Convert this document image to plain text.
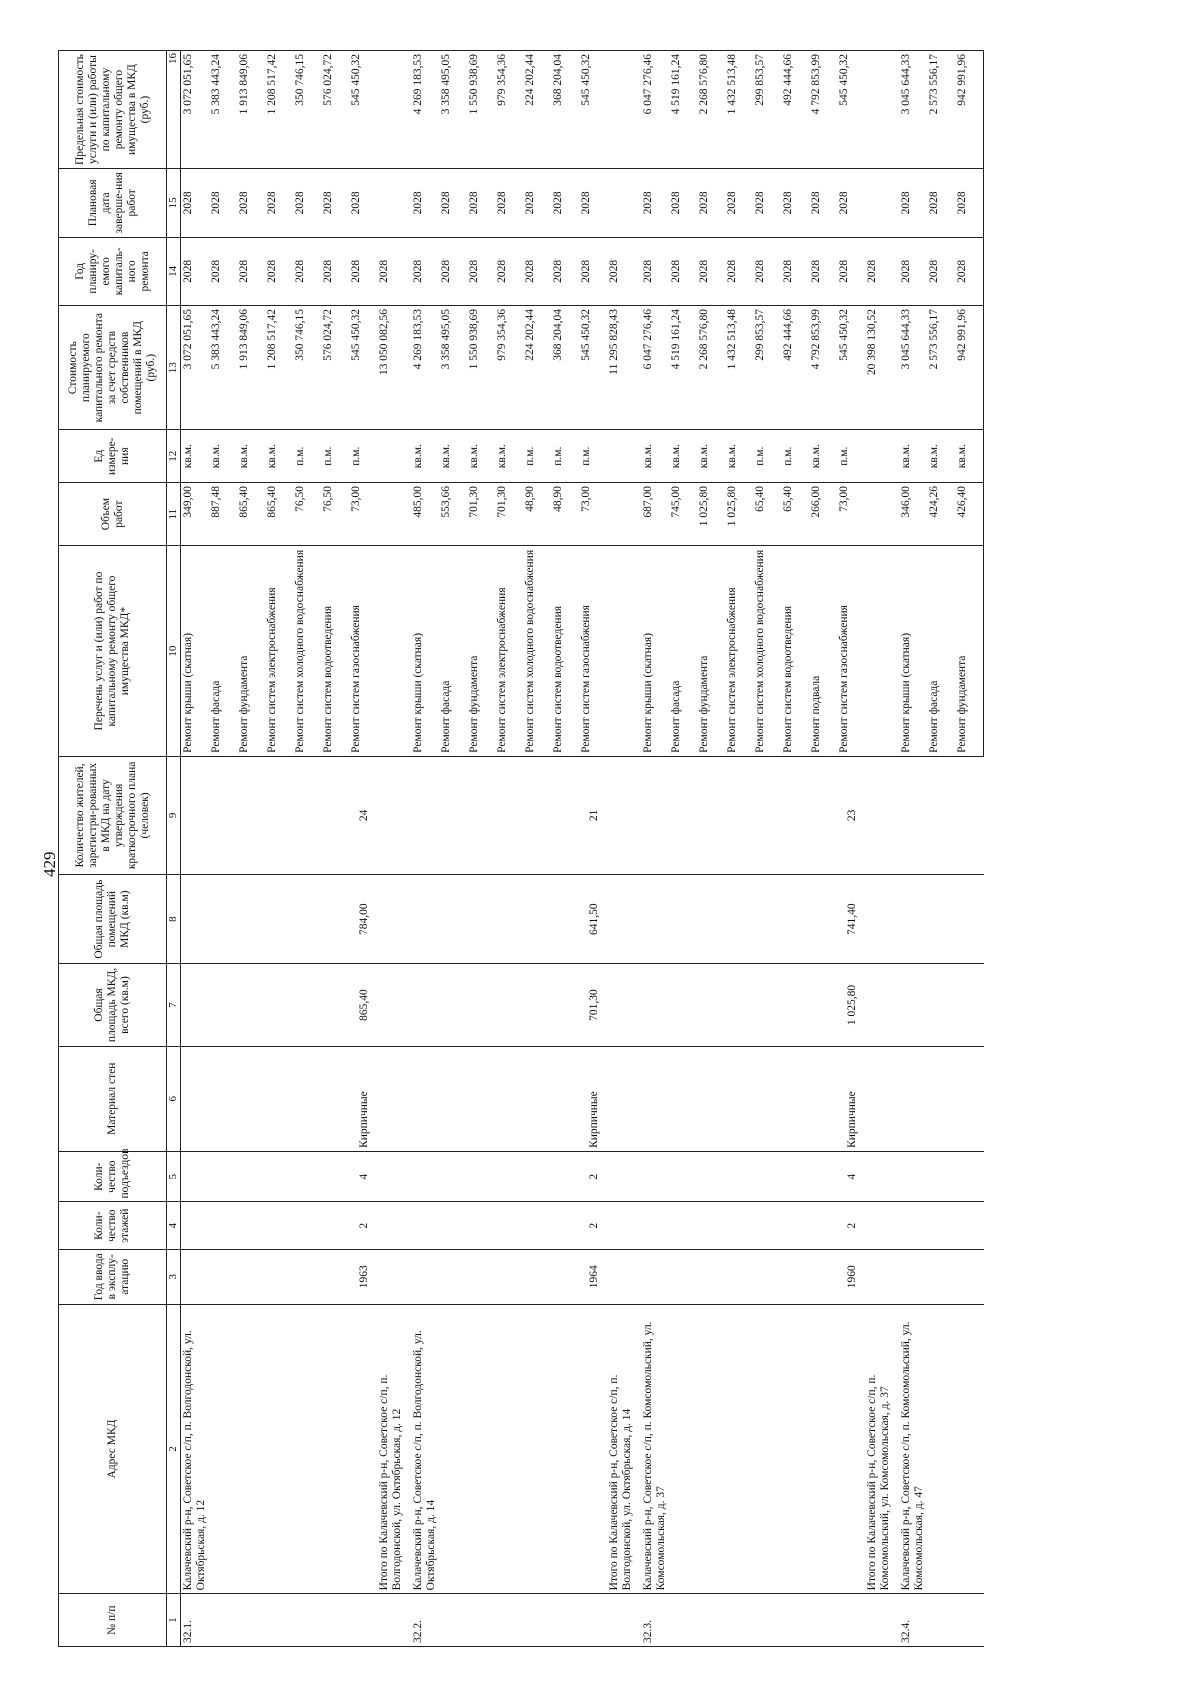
429
№ п/п	Адрес МКД	Год ввода в эксплу-атацию	Коли-чество этажей	Коли-чество подъездов	Материал стен	Общая площадь МКД, всего (кв.м)	Общая площадь помещений МКД (кв.м)	Количество жителей, зарегистри-рованных в МКД на дату утверждения краткосрочного плана (человек)	Перечень услуг и (или) работ по капитальному ремонту общего имущества МКД*	Объем работ	Ед измере-ния	Стоимость планируемого капитального ремонта за счет средств собственников помещений в МКД (руб.)	Год планиру-емого капиталь-ного ремонта	Плановая дата заверше-ния работ	Предельная стоимость услуги и (или) работы по капитальному ремонту общего имущества в МКД (руб.)
1	2	3	4	5	6	7	8	9	10	11	12	13	14	15	16
32.1.	Калачевский р-н, Советское с/п, п. Волгодонской, ул. Октябрьская, д. 12	1963	2	4	Кирпичные	865,40	784,00	24	Ремонт крыши (скатная)	349,00	кв.м.	3 072 051,65	2028	2028	3 072 051,65
									Ремонт фасада	887,48	кв.м.	5 383 443,24	2028	2028	5 383 443,24
									Ремонт фундамента	865,40	кв.м.	1 913 849,06	2028	2028	1 913 849,06
									Ремонт систем электроснабжения	865,40	кв.м.	1 208 517,42	2028	2028	1 208 517,42
									Ремонт систем холодного водоснабжения	76,50	п.м.	350 746,15	2028	2028	350 746,15
									Ремонт систем водоотведения	76,50	п.м.	576 024,72	2028	2028	576 024,72
									Ремонт систем газоснабжения	73,00	п.м.	545 450,32	2028	2028	545 450,32
	Итого по Калачевский р-н, Советское с/п, п. Волгодонской, ул. Октябрьская, д. 12											13 050 082,56	2028		
32.2.	Калачевский р-н, Советское с/п, п. Волгодонской, ул. Октябрьская, д. 14	1964	2	2	Кирпичные	701,30	641,50	21	Ремонт крыши (скатная)	485,00	кв.м.	4 269 183,53	2028	2028	4 269 183,53
									Ремонт фасада	553,66	кв.м.	3 358 495,05	2028	2028	3 358 495,05
									Ремонт фундамента	701,30	кв.м.	1 550 938,69	2028	2028	1 550 938,69
									Ремонт систем электроснабжения	701,30	кв.м.	979 354,36	2028	2028	979 354,36
									Ремонт систем холодного водоснабжения	48,90	п.м.	224 202,44	2028	2028	224 202,44
									Ремонт систем водоотведения	48,90	п.м.	368 204,04	2028	2028	368 204,04
									Ремонт систем газоснабжения	73,00	п.м.	545 450,32	2028	2028	545 450,32
	Итого по Калачевский р-н, Советское с/п, п. Волгодонской, ул. Октябрьская, д. 14											11 295 828,43	2028		
32.3.	Калачевский р-н, Советское с/п, п. Комсомольский, ул. Комсомольская, д. 37	1960	2	4	Кирпичные	1 025,80	741,40	23	Ремонт крыши (скатная)	687,00	кв.м.	6 047 276,46	2028	2028	6 047 276,46
									Ремонт фасада	745,00	кв.м.	4 519 161,24	2028	2028	4 519 161,24
									Ремонт фундамента	1 025,80	кв.м.	2 268 576,80	2028	2028	2 268 576,80
									Ремонт систем электроснабжения	1 025,80	кв.м.	1 432 513,48	2028	2028	1 432 513,48
									Ремонт систем холодного водоснабжения	65,40	п.м.	299 853,57	2028	2028	299 853,57
									Ремонт систем водоотведения	65,40	п.м.	492 444,66	2028	2028	492 444,66
									Ремонт подвала	266,00	кв.м.	4 792 853,99	2028	2028	4 792 853,99
									Ремонт систем газоснабжения	73,00	п.м.	545 450,32	2028	2028	545 450,32
	Итого по Калачевский р-н, Советское с/п, п. Комсомольский, ул. Комсомольская, д. 37											20 398 130,52	2028		
32.4.	Калачевский р-н, Советское с/п, п. Комсомольский, ул. Комсомольская, д. 47								Ремонт крыши (скатная)	346,00	кв.м.	3 045 644,33	2028	2028	3 045 644,33
									Ремонт фасада	424,26	кв.м.	2 573 556,17	2028	2028	2 573 556,17
									Ремонт фундамента	426,40	кв.м.	942 991,96	2028	2028	942 991,96
